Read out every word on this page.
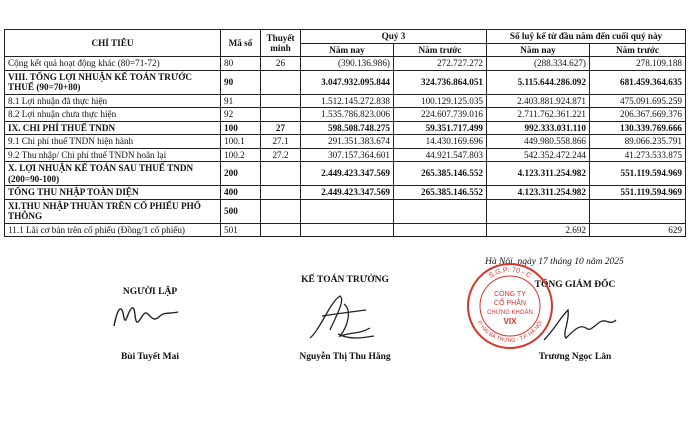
CHỈ TIÊU	Mã số	Thuyết minh	Quý 3		Số luỹ kế từ đầu năm đến cuối quý này	
			Năm nay	Năm trước	Năm nay	Năm trước
Cộng kết quả hoạt động khác (80=71-72)	80	26	(390.136.986)	272.727.272	(288.334.627)	278.109.188
VIII. TỔNG LỢI NHUẬN KẾ TOÁN TRƯỚC THUẾ (90=70+80)	90		3.047.932.095.844	324.736.864.051	5.115.644.286.092	681.459.364.635
8.1 Lợi nhuận đã thực hiện	91		1.512.145.272.838	100.129.125.035	2.403.881.924.871	475.091.695.259
8.2 Lợi nhuận chưa thực hiện	92		1.535.786.823.006	224.607.739.016	2.711.762.361.221	206.367.669.376
IX. CHI PHÍ THUẾ TNDN	100	27	598.508.748.275	59.351.717.499	992.333.031.110	130.339.769.666
9.1 Chi phí thuế TNDN hiện hành	100.1	27.1	291.351.383.674	14.430.169.696	449.980.558.866	89.066.235.791
9.2 Thu nhập/ Chi phí thuế TNDN hoãn lại	100.2	27.2	307.157.364.601	44.921.547.803	542.352.472.244	41.273.533.875
X. LỢI NHUẬN KẾ TOÁN SAU THUẾ TNDN (200=90-100)	200		2.449.423.347.569	265.385.146.552	4.123.311.254.982	551.119.594.969
TỔNG THU NHẬP TOÀN DIỆN	400		2.449.423.347.569	265.385.146.552	4.123.311.254.982	551.119.594.969
XI.THU NHẬP THUẦN TRÊN CỔ PHIẾU PHỔ THÔNG	500					
11.1 Lãi cơ bản trên cổ phiếu (Đồng/1 cổ phiếu)	501				2.692	629
Hà Nội, ngày 17 tháng 10 năm 2025
NGƯỜI LẬP
Bùi Tuyết Mai
KẾ TOÁN TRƯỞNG
Nguyễn Thị Thu Hằng
TỔNG GIÁM ĐỐC
S.G.P: 70 - C
P. HAI BÀ TRƯNG - T.P. HÀ NỘI
CÔNG TY
CỔ PHẦN
CHỨNG KHOÁN
VIX
Trương Ngọc Lân
